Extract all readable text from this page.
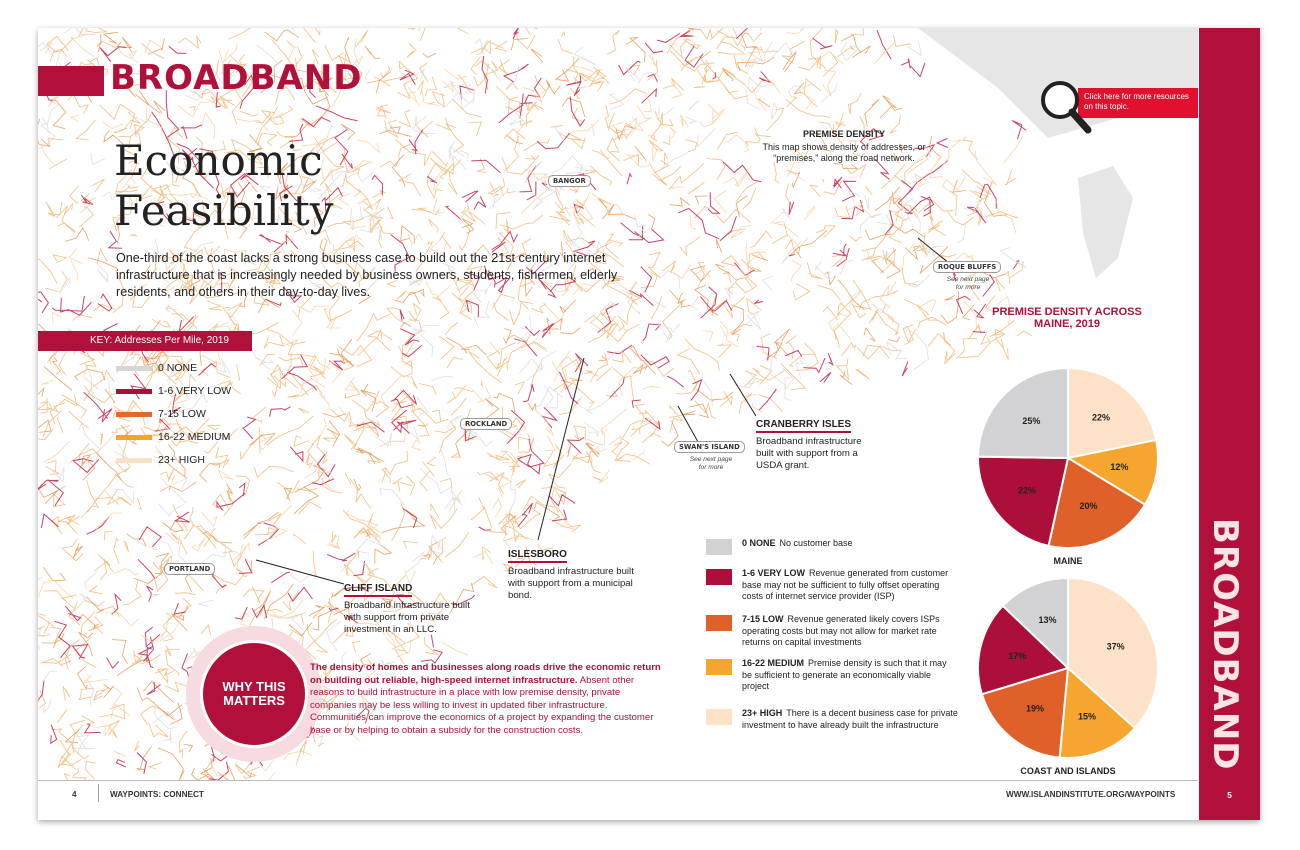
BROADBAND
Economic
Feasibility
One-third of the coast lacks a strong business case to build out the 21st century internet infrastructure that is increasingly needed by business owners, students, fishermen, elderly residents, and others in their day-to-day lives.
KEY: Addresses Per Mile, 2019
0 NONE
1-6 VERY LOW
7-15 LOW
16-22 MEDIUM
23+ HIGH
PREMISE DENSITY
This map shows density of addresses, or “premises,” along the road network.
BANGOR
ROCKLAND
PORTLAND
ROQUE BLUFFS
See next page for more
SWAN'S ISLAND
See next page for more
CRANBERRY ISLES
Broadband infrastructure built with support from a USDA grant.
ISLESBORO
Broadband infrastructure built with support from a municipal bond.
CLIFF ISLAND
Broadband infrastructure built with support from private investment in an LLC.
WHY THIS MATTERS
The density of homes and businesses along roads drive the economic return on building out reliable, high-speed internet infrastructure. Absent other reasons to build infrastructure in a place with low premise density, private companies may be less willing to invest in updated fiber infrastructure. Communities can improve the economics of a project by expanding the customer base or by helping to obtain a subsidy for the construction costs.
Click here for more resources on this topic.
PREMISE DENSITY ACROSS MAINE, 2019
22%
12%
20%
22%
25%
MAINE
37%
15%
19%
17%
13%
COAST AND ISLANDS
0 NONE No customer base
1-6 VERY LOW Revenue generated from customer base may not be sufficient to fully offset operating costs of internet service provider (ISP)
7-15 LOW Revenue generated likely covers ISPs operating costs but may not allow for market rate returns on capital investments
16-22 MEDIUM Premise density is such that it may be sufficient to generate an economically viable project
23+ HIGH There is a decent business case for private investment to have already built the infrastructure
4	WAYPOINTS: CONNECT	WWW.ISLANDINSTITUTE.ORG/WAYPOINTS
BROADBAND
5
